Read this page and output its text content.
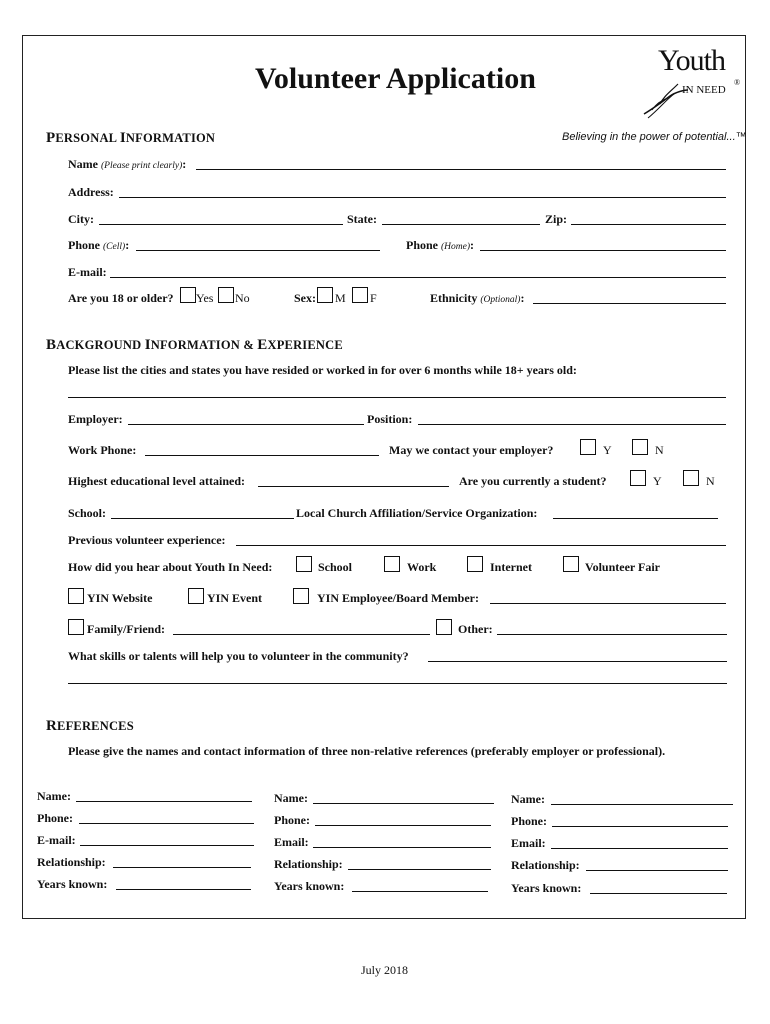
Volunteer Application
Youth
IN NEED
®
PERSONAL INFORMATION	Believing in the power of potential...™
Name (Please print clearly):
Address:
City:	State:	Zip:
Phone (Cell):	Phone (Home):
E-mail:
Are you 18 or older? Yes No	Sex: M F	Ethnicity (Optional):
BACKGROUND INFORMATION & EXPERIENCE
Please list the cities and states you have resided or worked in for over 6 months while 18+ years old:
Employer:	Position:
Work Phone:	May we contact your employer?	Y	N
Highest educational level attained:	Are you currently a student?	Y	N
School:	Local Church Affiliation/Service Organization:
Previous volunteer experience:
How did you hear about Youth In Need:	School	Work	Internet	Volunteer Fair
YIN Website	YIN Event	YIN Employee/Board Member:
Family/Friend:	Other:
What skills or talents will help you to volunteer in the community?
REFERENCES
Please give the names and contact information of three non-relative references (preferably employer or professional).
Name:
Phone:
E-mail:
Relationship:
Years known:
Name:
Phone:
Email:
Relationship:
Years known:
Name:
Phone:
Email:
Relationship:
Years known:
July 2018
